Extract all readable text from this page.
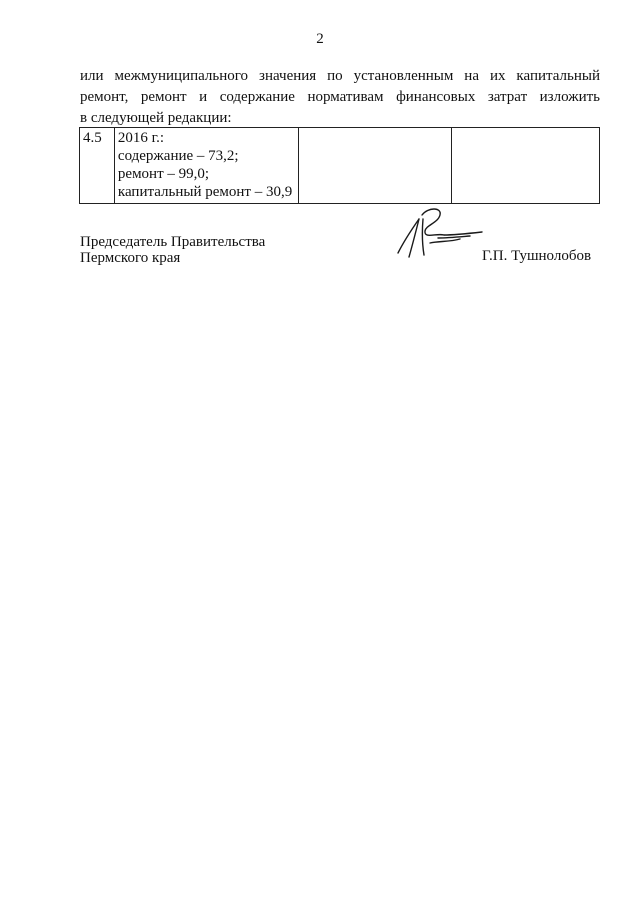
2
или межмуниципального значения по установленным на их капитальный
ремонт, ремонт и содержание нормативам финансовых затрат изложить
в следующей редакции:
4.5	2016 г.:
содержание – 73,2;
ремонт – 99,0;
капитальный ремонт – 30,9

Председатель Правительства
Пермского края	Г.П. Тушнолобов
